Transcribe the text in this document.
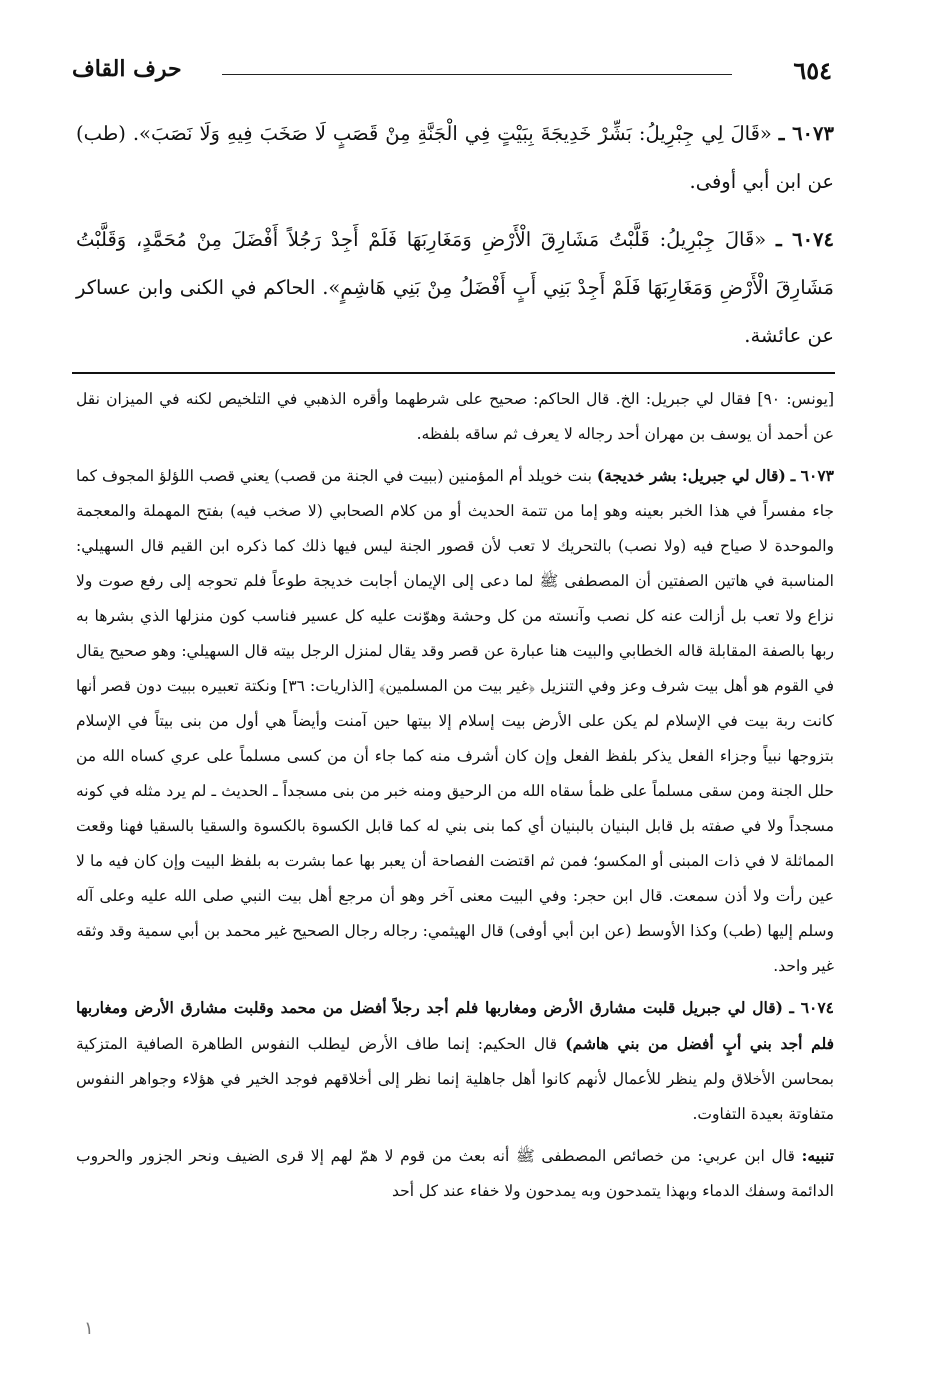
٦٥٤
حرف القاف

٦٠٧٣ ـ «قَالَ لِي جِبْرِيلُ: بَشِّرْ خَدِيجَةَ بِبَيْتٍ فِي الْجَنَّةِ مِنْ قَصَبٍ لَا صَخَبَ فِيهِ وَلَا نَصَبَ». (طب) عن ابن أبي أوفى.

٦٠٧٤ ـ «قَالَ جِبْرِيلُ: قَلَّبْتُ مَشَارِقَ الْأَرْضِ وَمَغَارِبَهَا فَلَمْ أَجِدْ رَجُلاً أَفْضَلَ مِنْ مُحَمَّدٍ، وَقَلَّبْتُ مَشَارِقَ الْأَرْضِ وَمَغَارِبَهَا فَلَمْ أَجِدْ بَنِي أَبٍ أَفْضَلُ مِنْ بَنِي هَاشِمٍ». الحاكم في الكنى وابن عساكر عن عائشة.

[يونس: ٩٠] فقال لي جبريل: الخ. قال الحاكم: صحيح على شرطهما وأقره الذهبي في التلخيص لكنه في الميزان نقل عن أحمد أن يوسف بن مهران أحد رجاله لا يعرف ثم ساقه بلفظه.

٦٠٧٣ ـ (قال لي جبريل: بشر خديجة) بنت خويلد أم المؤمنين (ببيت في الجنة من قصب) يعني قصب اللؤلؤ المجوف كما جاء مفسراً في هذا الخبر بعينه وهو إما من تتمة الحديث أو من كلام الصحابي (لا صخب فيه) بفتح المهملة والمعجمة والموحدة لا صياح فيه (ولا نصب) بالتحريك لا تعب لأن قصور الجنة ليس فيها ذلك كما ذكره ابن القيم قال السهيلي: المناسبة في هاتين الصفتين أن المصطفى ﷺ لما دعى إلى الإيمان أجابت خديجة طوعاً فلم تحوجه إلى رفع صوت ولا نزاع ولا تعب بل أزالت عنه كل نصب وآنسته من كل وحشة وهوّنت عليه كل عسير فناسب كون منزلها الذي بشرها به ربها بالصفة المقابلة قاله الخطابي والبيت هنا عبارة عن قصر وقد يقال لمنزل الرجل بيته قال السهيلي: وهو صحيح يقال في القوم هو أهل بيت شرف وعز وفي التنزيل ﴿غير بيت من المسلمين﴾ [الذاريات: ٣٦] ونكتة تعبيره ببيت دون قصر أنها كانت ربة بيت في الإسلام لم يكن على الأرض بيت إسلام إلا بيتها حين آمنت وأيضاً هي أول من بنى بيتاً في الإسلام بتزوجها نبياً وجزاء الفعل يذكر بلفظ الفعل وإن كان أشرف منه كما جاء أن من كسى مسلماً على عري كساه الله من حلل الجنة ومن سقى مسلماً على ظمأ سقاه الله من الرحيق ومنه خبر من بنى مسجداً ـ الحديث ـ لم يرد مثله في كونه مسجداً ولا في صفته بل قابل البنيان بالبنيان أي كما بنى بني له كما قابل الكسوة بالكسوة والسقيا بالسقيا فهنا وقعت المماثلة لا في ذات المبنى أو المكسو؛ فمن ثم اقتضت الفصاحة أن يعبر بها عما بشرت به بلفظ البيت وإن كان فيه ما لا عين رأت ولا أذن سمعت. قال ابن حجر: وفي البيت معنى آخر وهو أن مرجع أهل بيت النبي صلى الله عليه وعلى آله وسلم إليها (طب) وكذا الأوسط (عن ابن أبي أوفى) قال الهيثمي: رجاله رجال الصحيح غير محمد بن أبي سمية وقد وثقه غير واحد.

٦٠٧٤ ـ (قال لي جبريل قلبت مشارق الأرض ومغاربها فلم أجد رجلاً أفضل من محمد وقلبت مشارق الأرض ومغاربها فلم أجد بني أبٍ أفضل من بني هاشم) قال الحكيم: إنما طاف الأرض ليطلب النفوس الطاهرة الصافية المتزكية بمحاسن الأخلاق ولم ينظر للأعمال لأنهم كانوا أهل جاهلية إنما نظر إلى أخلاقهم فوجد الخير في هؤلاء وجواهر النفوس متفاوتة بعيدة التفاوت.

تنبيه: قال ابن عربي: من خصائص المصطفى ﷺ أنه بعث من قوم لا همّ لهم إلا قرى الضيف ونحر الجزور والحروب الدائمة وسفك الدماء وبهذا يتمدحون وبه يمدحون ولا خفاء عند كل أحد

١
